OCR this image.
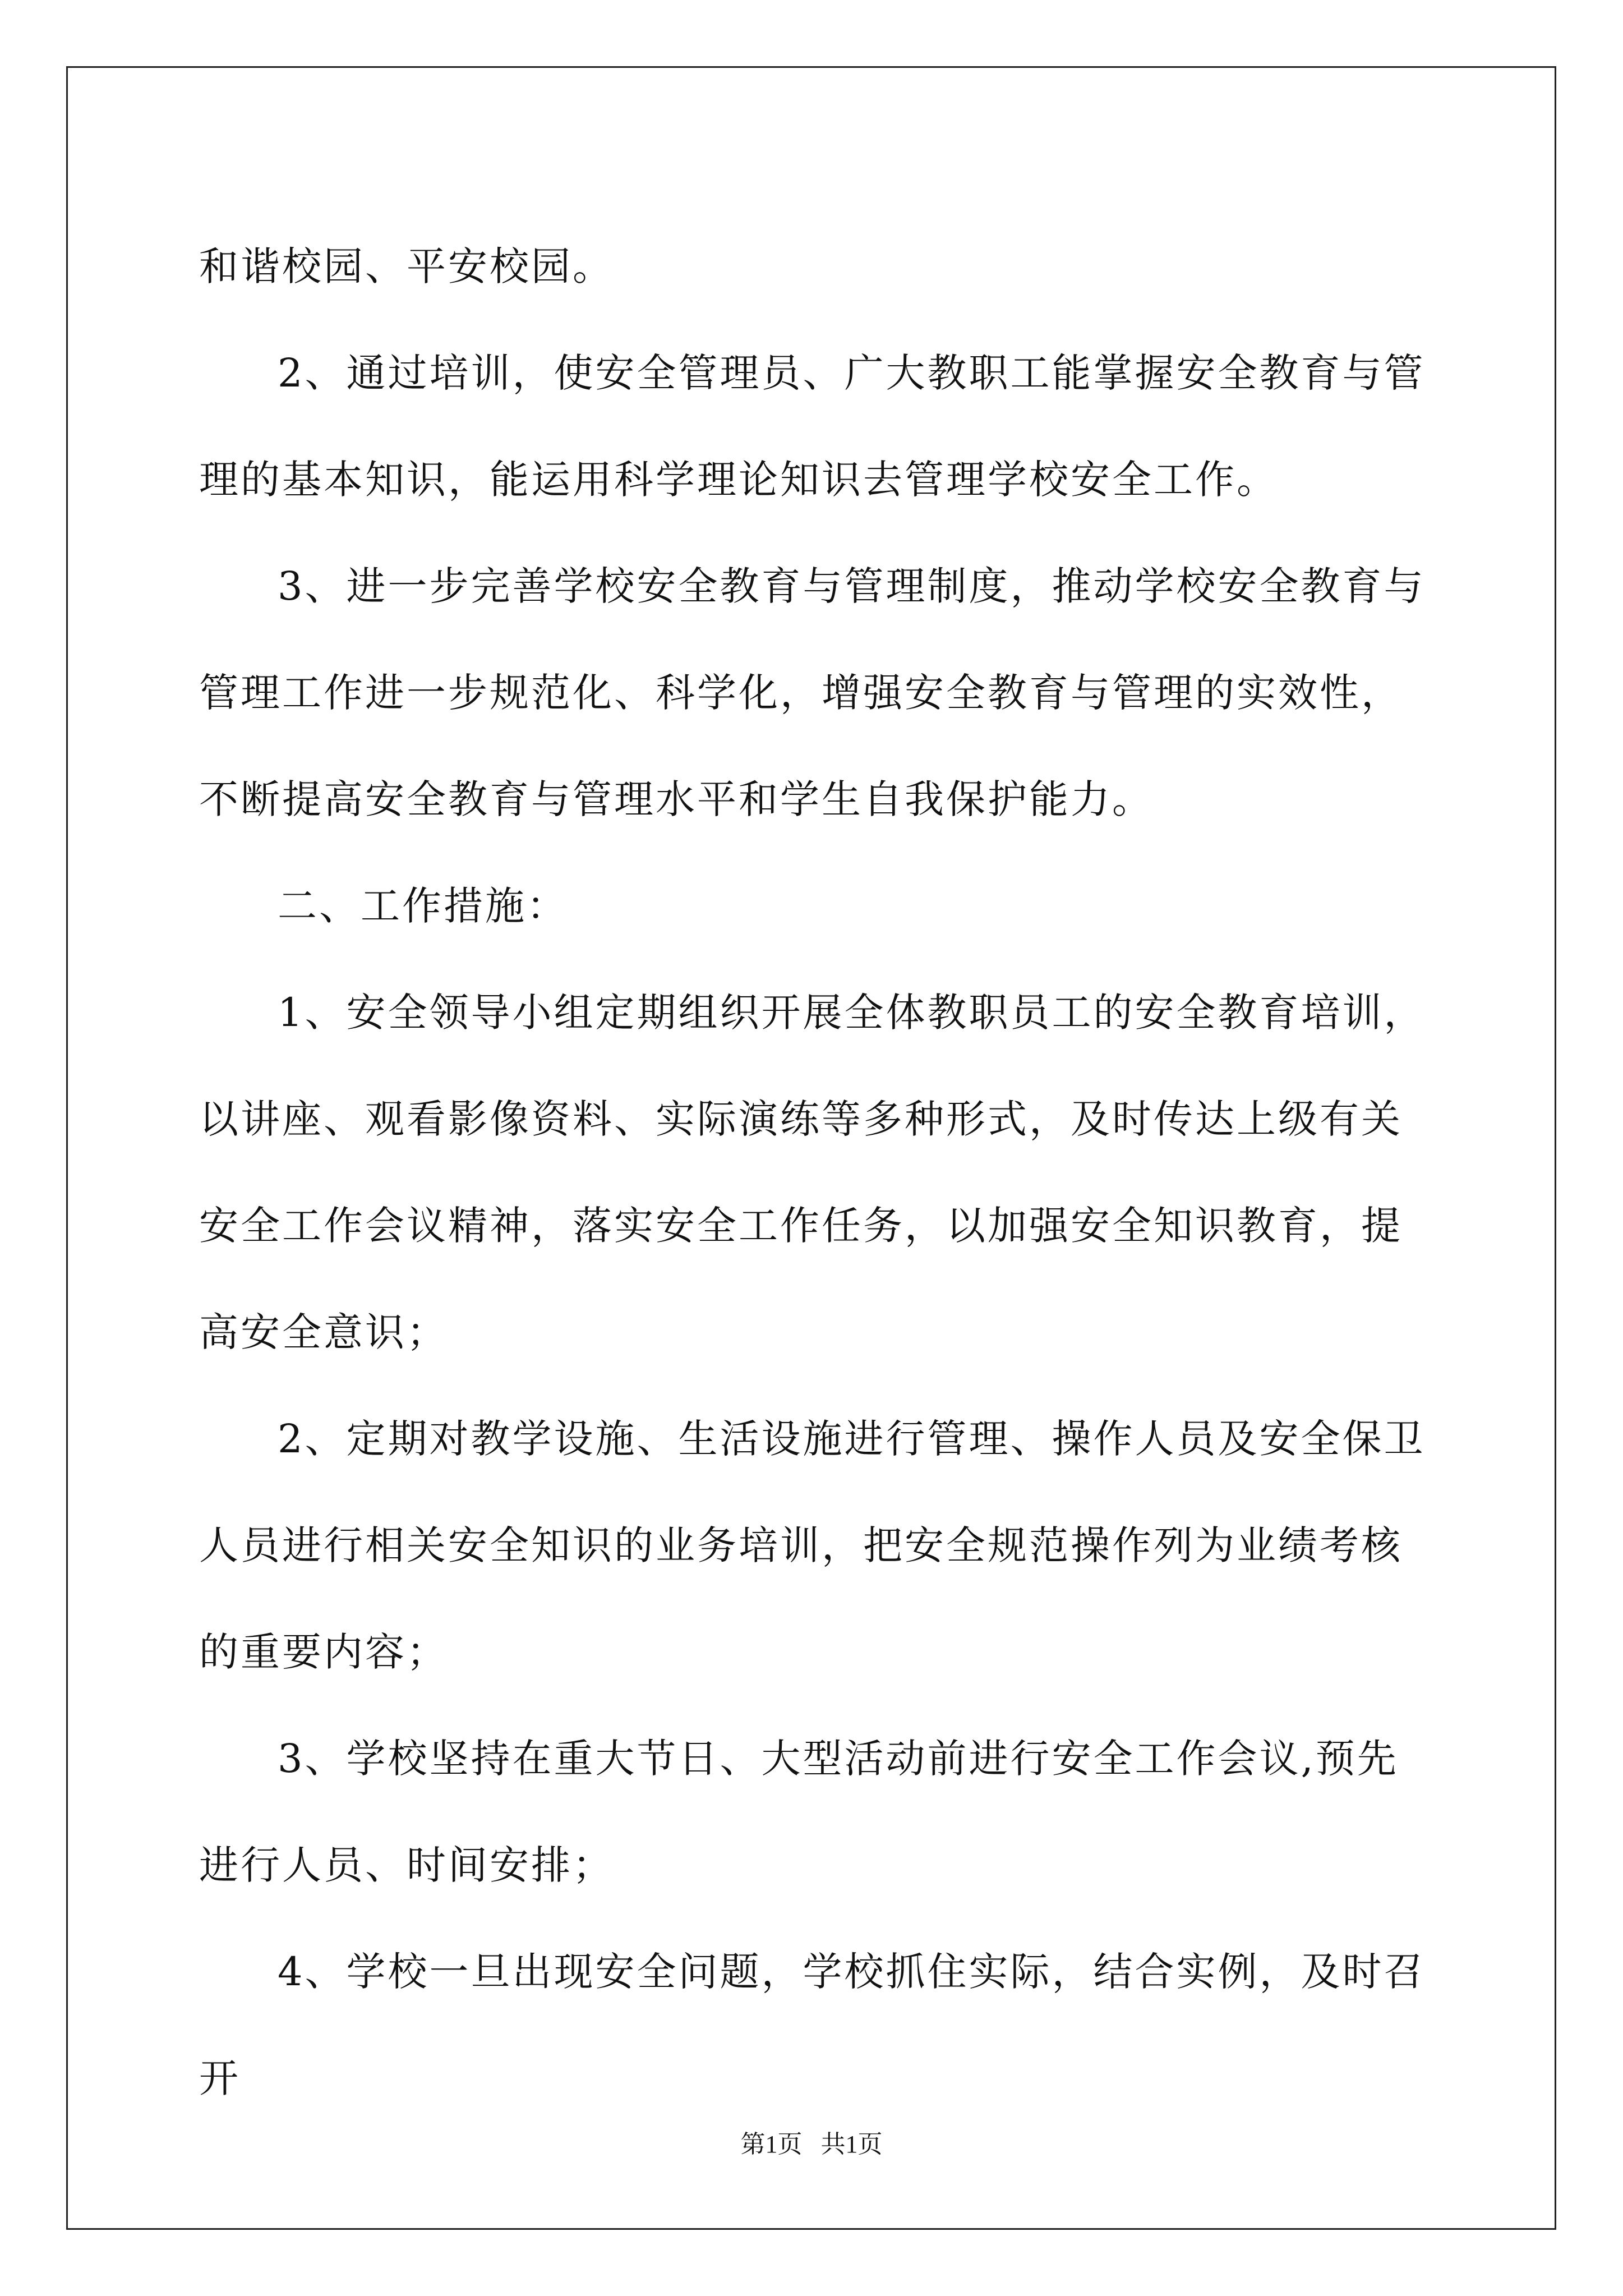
和谐校园、平安校园。

2、通过培训，使安全管理员、广大教职工能掌握安全教育与管理的基本知识，能运用科学理论知识去管理学校安全工作。

3、进一步完善学校安全教育与管理制度，推动学校安全教育与管理工作进一步规范化、科学化，增强安全教育与管理的实效性，不断提高安全教育与管理水平和学生自我保护能力。

二、工作措施：

1、安全领导小组定期组织开展全体教职员工的安全教育培训，以讲座、观看影像资料、实际演练等多种形式，及时传达上级有关安全工作会议精神，落实安全工作任务，以加强安全知识教育，提高安全意识；

2、定期对教学设施、生活设施进行管理、操作人员及安全保卫人员进行相关安全知识的业务培训，把安全规范操作列为业绩考核的重要内容；

3、学校坚持在重大节日、大型活动前进行安全工作会议,预先进行人员、时间安排；

4、学校一旦出现安全问题，学校抓住实际，结合实例，及时召开

第1页   共1页
